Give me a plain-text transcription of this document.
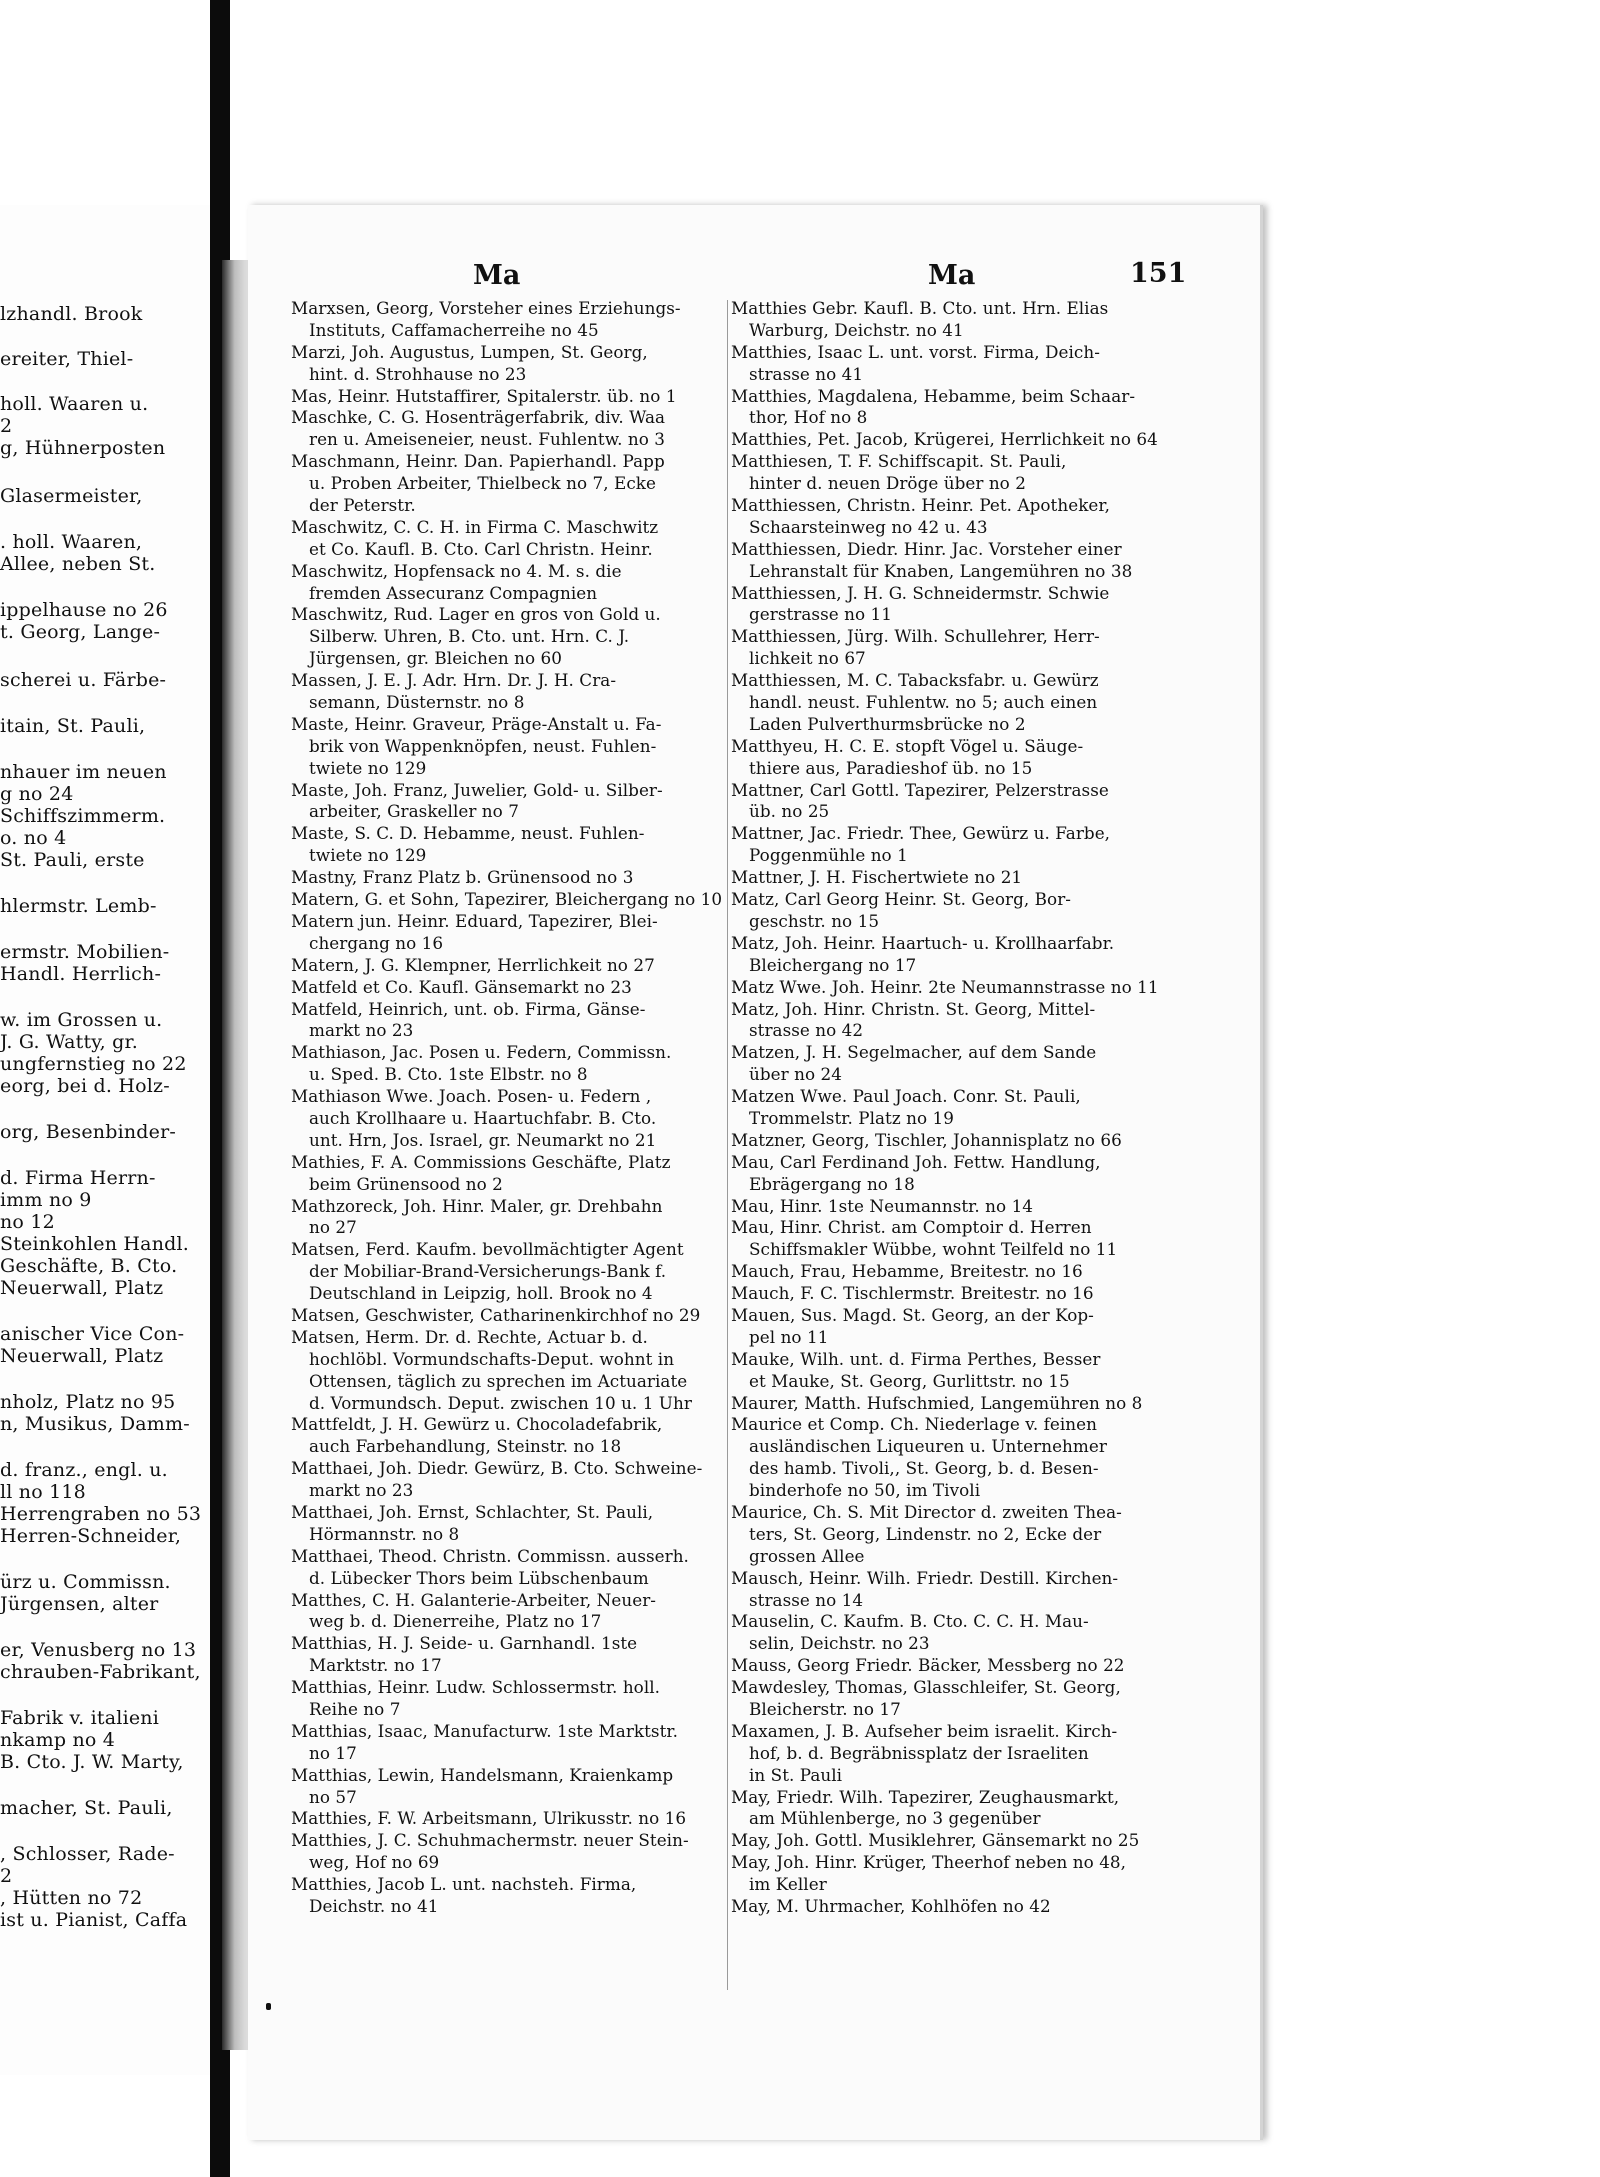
lzhandl. Brook
ereiter, Thiel-
holl. Waaren u.
2
g, Hühnerposten
Glasermeister,
. holl. Waaren,
Allee, neben St.
ippelhause no 26
t. Georg, Lange-
scherei u. Färbe-
itain, St. Pauli,
nhauer im neuen
g no 24
Schiffszimmerm.
o. no 4
St. Pauli, erste
hlermstr. Lemb-
ermstr. Mobilien-
Handl. Herrlich-
w. im Grossen u.
J. G. Watty, gr.
ungfernstieg no 22
eorg, bei d. Holz-
org, Besenbinder-
d. Firma Herrn-
imm no 9
no 12
Steinkohlen Handl.
Geschäfte, B. Cto.
Neuerwall, Platz
anischer Vice Con-
Neuerwall, Platz
nholz, Platz no 95
n, Musikus, Damm-
d. franz., engl. u.
ll no 118
Herrengraben no 53
Herren-Schneider,
ürz u. Commissn.
Jürgensen, alter
er, Venusberg no 13
chrauben-Fabrikant,
Fabrik v. italieni
nkamp no 4
B. Cto. J. W. Marty,
macher, St. Pauli,
, Schlosser, Rade-
2
, Hütten no 72
ist u. Pianist, Caffa
Ma	Ma	151
Marxsen, Georg, Vorsteher eines Erziehungs-
Instituts, Caffamacherreihe no 45
Marzi, Joh. Augustus, Lumpen, St. Georg,
hint. d. Strohhause no 23
Mas, Heinr. Hutstaffirer, Spitalerstr. üb. no 1
Maschke, C. G. Hosenträgerfabrik, div. Waa
ren u. Ameiseneier, neust. Fuhlentw. no 3
Maschmann, Heinr. Dan. Papierhandl. Papp
u. Proben Arbeiter, Thielbeck no 7, Ecke
der Peterstr.
Maschwitz, C. C. H. in Firma C. Maschwitz
et Co. Kaufl. B. Cto. Carl Christn. Heinr.
Maschwitz, Hopfensack no 4. M. s. die
fremden Assecuranz Compagnien
Maschwitz, Rud. Lager en gros von Gold u.
Silberw. Uhren, B. Cto. unt. Hrn. C. J.
Jürgensen, gr. Bleichen no 60
Massen, J. E. J. Adr. Hrn. Dr. J. H. Cra-
semann, Düsternstr. no 8
Maste, Heinr. Graveur, Präge-Anstalt u. Fa-
brik von Wappenknöpfen, neust. Fuhlen-
twiete no 129
Maste, Joh. Franz, Juwelier, Gold- u. Silber-
arbeiter, Graskeller no 7
Maste, S. C. D. Hebamme, neust. Fuhlen-
twiete no 129
Mastny, Franz Platz b. Grünensood no 3
Matern, G. et Sohn, Tapezirer, Bleichergang no 10
Matern jun. Heinr. Eduard, Tapezirer, Blei-
chergang no 16
Matern, J. G. Klempner, Herrlichkeit no 27
Matfeld et Co. Kaufl. Gänsemarkt no 23
Matfeld, Heinrich, unt. ob. Firma, Gänse-
markt no 23
Mathiason, Jac. Posen u. Federn, Commissn.
u. Sped. B. Cto. 1ste Elbstr. no 8
Mathiason Wwe. Joach. Posen- u. Federn ,
auch Krollhaare u. Haartuchfabr. B. Cto.
unt. Hrn, Jos. Israel, gr. Neumarkt no 21
Mathies, F. A. Commissions Geschäfte, Platz
beim Grünensood no 2
Mathzoreck, Joh. Hinr. Maler, gr. Drehbahn
no 27
Matsen, Ferd. Kaufm. bevollmächtigter Agent
der Mobiliar-Brand-Versicherungs-Bank f.
Deutschland in Leipzig, holl. Brook no 4
Matsen, Geschwister, Catharinenkirchhof no 29
Matsen, Herm. Dr. d. Rechte, Actuar b. d.
hochlöbl. Vormundschafts-Deput. wohnt in
Ottensen, täglich zu sprechen im Actuariate
d. Vormundsch. Deput. zwischen 10 u. 1 Uhr
Mattfeldt, J. H. Gewürz u. Chocoladefabrik,
auch Farbehandlung, Steinstr. no 18
Matthaei, Joh. Diedr. Gewürz, B. Cto. Schweine-
markt no 23
Matthaei, Joh. Ernst, Schlachter, St. Pauli,
Hörmannstr. no 8
Matthaei, Theod. Christn. Commissn. ausserh.
d. Lübecker Thors beim Lübschenbaum
Matthes, C. H. Galanterie-Arbeiter, Neuer-
weg b. d. Dienerreihe, Platz no 17
Matthias, H. J. Seide- u. Garnhandl. 1ste
Marktstr. no 17
Matthias, Heinr. Ludw. Schlossermstr. holl.
Reihe no 7
Matthias, Isaac, Manufacturw. 1ste Marktstr.
no 17
Matthias, Lewin, Handelsmann, Kraienkamp
no 57
Matthies, F. W. Arbeitsmann, Ulrikusstr. no 16
Matthies, J. C. Schuhmachermstr. neuer Stein-
weg, Hof no 69
Matthies, Jacob L. unt. nachsteh. Firma,
Deichstr. no 41
Matthies Gebr. Kaufl. B. Cto. unt. Hrn. Elias
Warburg, Deichstr. no 41
Matthies, Isaac L. unt. vorst. Firma, Deich-
strasse no 41
Matthies, Magdalena, Hebamme, beim Schaar-
thor, Hof no 8
Matthies, Pet. Jacob, Krügerei, Herrlichkeit no 64
Matthiesen, T. F. Schiffscapit. St. Pauli,
hinter d. neuen Dröge über no 2
Matthiessen, Christn. Heinr. Pet. Apotheker,
Schaarsteinweg no 42 u. 43
Matthiessen, Diedr. Hinr. Jac. Vorsteher einer
Lehranstalt für Knaben, Langemühren no 38
Matthiessen, J. H. G. Schneidermstr. Schwie
gerstrasse no 11
Matthiessen, Jürg. Wilh. Schullehrer, Herr-
lichkeit no 67
Matthiessen, M. C. Tabacksfabr. u. Gewürz
handl. neust. Fuhlentw. no 5; auch einen
Laden Pulverthurmsbrücke no 2
Matthyeu, H. C. E. stopft Vögel u. Säuge-
thiere aus, Paradieshof üb. no 15
Mattner, Carl Gottl. Tapezirer, Pelzerstrasse
üb. no 25
Mattner, Jac. Friedr. Thee, Gewürz u. Farbe,
Poggenmühle no 1
Mattner, J. H. Fischertwiete no 21
Matz, Carl Georg Heinr. St. Georg, Bor-
geschstr. no 15
Matz, Joh. Heinr. Haartuch- u. Krollhaarfabr.
Bleichergang no 17
Matz Wwe. Joh. Heinr. 2te Neumannstrasse no 11
Matz, Joh. Hinr. Christn. St. Georg, Mittel-
strasse no 42
Matzen, J. H. Segelmacher, auf dem Sande
über no 24
Matzen Wwe. Paul Joach. Conr. St. Pauli,
Trommelstr. Platz no 19
Matzner, Georg, Tischler, Johannisplatz no 66
Mau, Carl Ferdinand Joh. Fettw. Handlung,
Ebrägergang no 18
Mau, Hinr. 1ste Neumannstr. no 14
Mau, Hinr. Christ. am Comptoir d. Herren
Schiffsmakler Wübbe, wohnt Teilfeld no 11
Mauch, Frau, Hebamme, Breitestr. no 16
Mauch, F. C. Tischlermstr. Breitestr. no 16
Mauen, Sus. Magd. St. Georg, an der Kop-
pel no 11
Mauke, Wilh. unt. d. Firma Perthes, Besser
et Mauke, St. Georg, Gurlittstr. no 15
Maurer, Matth. Hufschmied, Langemühren no 8
Maurice et Comp. Ch. Niederlage v. feinen
ausländischen Liqueuren u. Unternehmer
des hamb. Tivoli,, St. Georg, b. d. Besen-
binderhofe no 50, im Tivoli
Maurice, Ch. S. Mit Director d. zweiten Thea-
ters, St. Georg, Lindenstr. no 2, Ecke der
grossen Allee
Mausch, Heinr. Wilh. Friedr. Destill. Kirchen-
strasse no 14
Mauselin, C. Kaufm. B. Cto. C. C. H. Mau-
selin, Deichstr. no 23
Mauss, Georg Friedr. Bäcker, Messberg no 22
Mawdesley, Thomas, Glasschleifer, St. Georg,
Bleicherstr. no 17
Maxamen, J. B. Aufseher beim israelit. Kirch-
hof, b. d. Begräbnissplatz der Israeliten
in St. Pauli
May, Friedr. Wilh. Tapezirer, Zeughausmarkt,
am Mühlenberge, no 3 gegenüber
May, Joh. Gottl. Musiklehrer, Gänsemarkt no 25
May, Joh. Hinr. Krüger, Theerhof neben no 48,
im Keller
May, M. Uhrmacher, Kohlhöfen no 42
